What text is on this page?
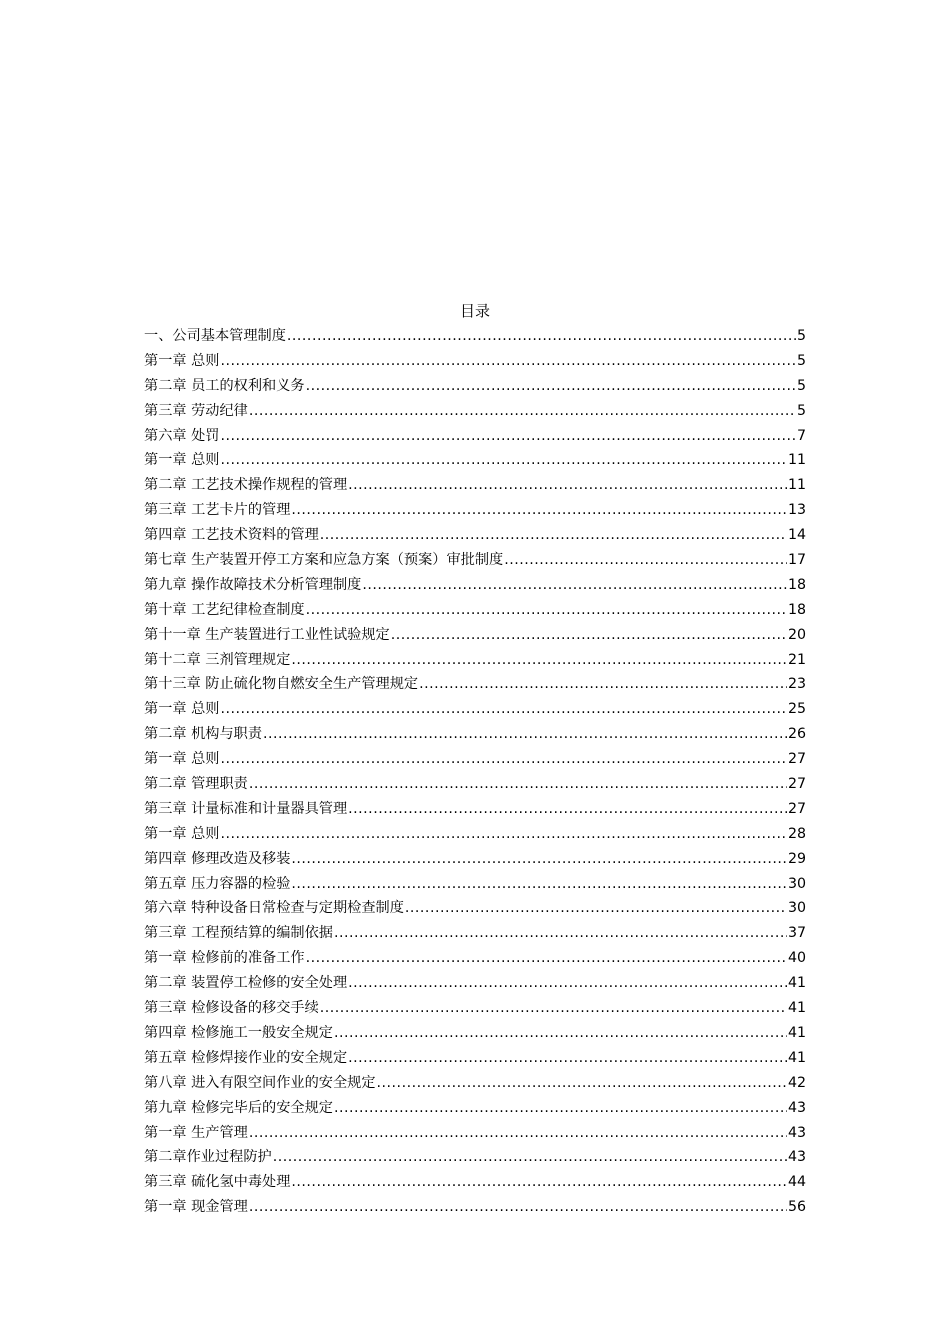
目录
一、公司基本管理制度 .....	5
第一章 总则 .....	5
第二章 员工的权利和义务 .....	5
第三章 劳动纪律 .....	5
第六章 处罚 .....	7
第一章 总则 .....	11
第二章 工艺技术操作规程的管理 .....	11
第三章 工艺卡片的管理 .....	13
第四章 工艺技术资料的管理 .....	14
第七章 生产装置开停工方案和应急方案（预案）审批制度 .....	17
第九章 操作故障技术分析管理制度 .....	18
第十章 工艺纪律检查制度 .....	18
第十一章 生产装置进行工业性试验规定 .....	20
第十二章 三剂管理规定 .....	21
第十三章 防止硫化物自燃安全生产管理规定 .....	23
第一章 总则 .....	25
第二章 机构与职责 .....	26
第一章 总则 .....	27
第二章 管理职责 .....	27
第三章 计量标准和计量器具管理 .....	27
第一章 总则 .....	28
第四章 修理改造及移装 .....	29
第五章 压力容器的检验 .....	30
第六章 特种设备日常检查与定期检查制度 .....	30
第三章 工程预结算的编制依据 .....	37
第一章 检修前的准备工作 .....	40
第二章 装置停工检修的安全处理 .....	41
第三章 检修设备的移交手续 .....	41
第四章 检修施工一般安全规定 .....	41
第五章 检修焊接作业的安全规定 .....	41
第八章 进入有限空间作业的安全规定 .....	42
第九章 检修完毕后的安全规定 .....	43
第一章 生产管理 .....	43
第二章作业过程防护 .....	43
第三章 硫化氢中毒处理 .....	44
第一章 现金管理 .....	56
